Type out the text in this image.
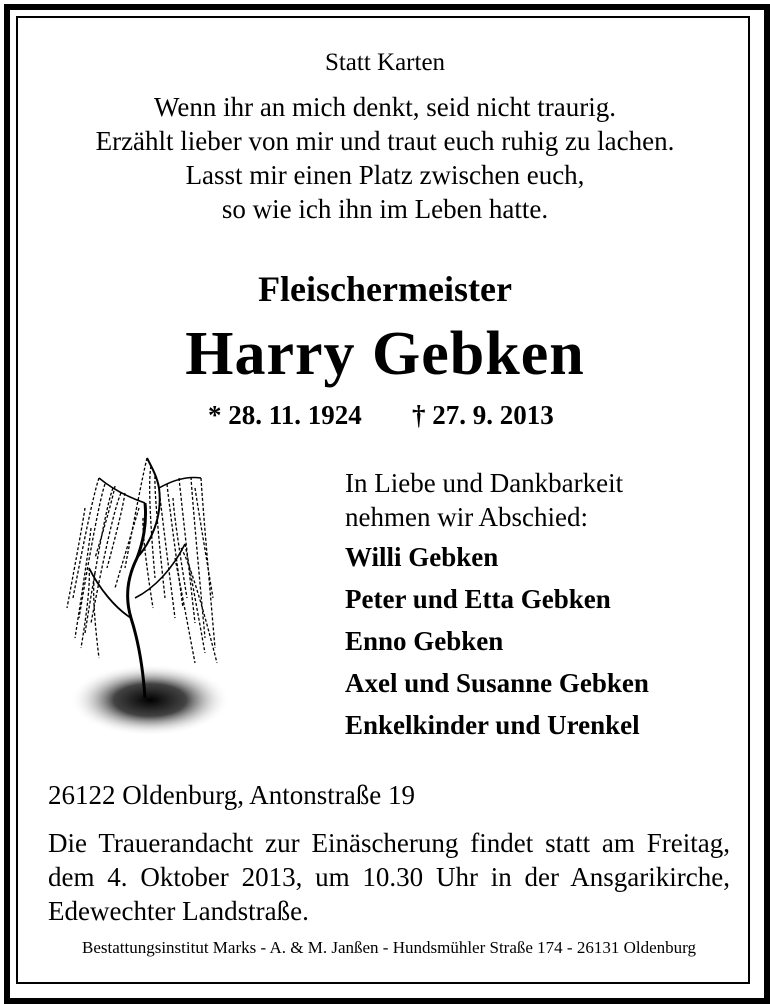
Statt Karten
Wenn ihr an mich denkt, seid nicht traurig.
Erzählt lieber von mir und traut euch ruhig zu lachen.
Lasst mir einen Platz zwischen euch,
so wie ich ihn im Leben hatte.
Fleischermeister
Harry Gebken
* 28. 11. 1924 † 27. 9. 2013
In Liebe und Dankbarkeit
nehmen wir Abschied:
Willi Gebken
Peter und Etta Gebken
Enno Gebken
Axel und Susanne Gebken
Enkelkinder und Urenkel
26122 Oldenburg, Antonstraße 19
Die Trauerandacht zur Einäscherung findet statt am Freitag, dem 4. Oktober 2013, um 10.30 Uhr in der Ansgarikirche, Edewechter Landstraße.
Bestattungsinstitut Marks - A. & M. Janßen - Hundsmühler Straße 174 - 26131 Oldenburg
